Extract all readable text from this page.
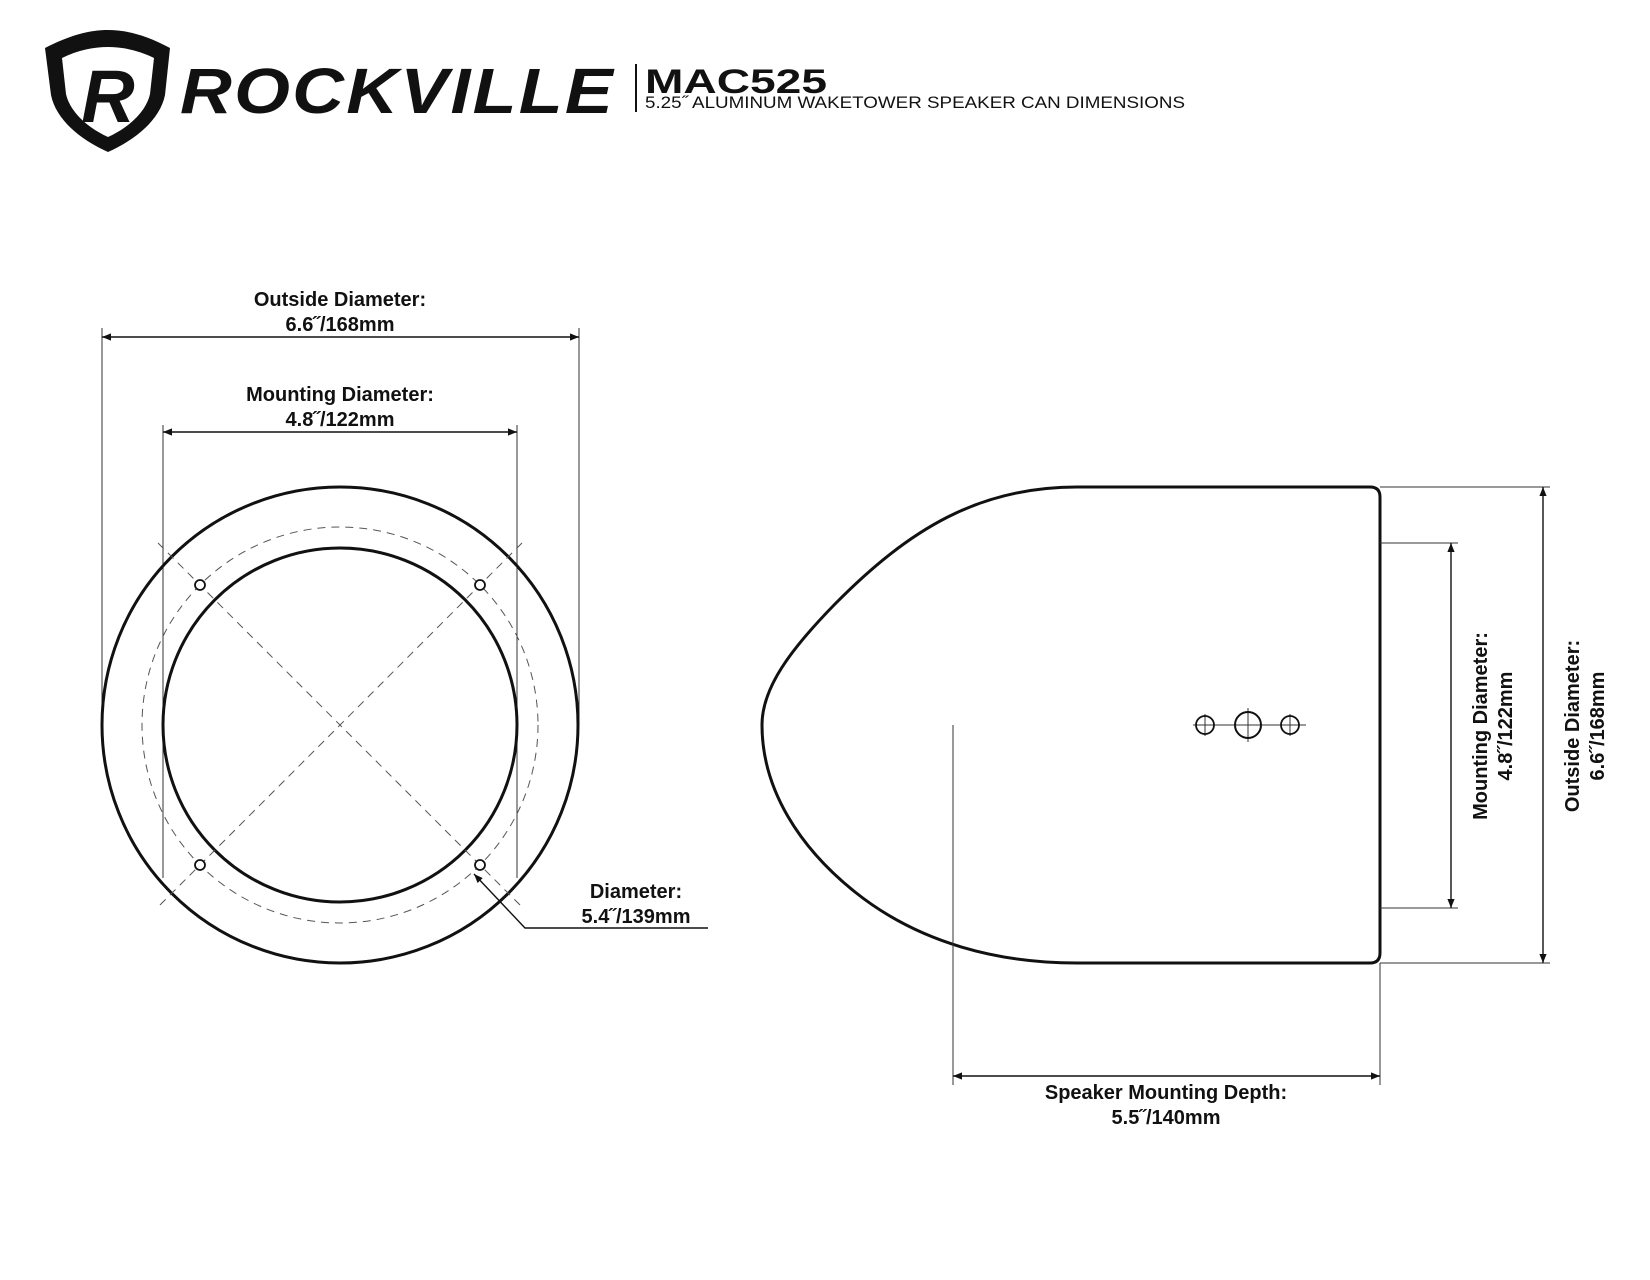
R ROCKVILLE MAC525
5.25˝ ALUMINUM WAKETOWER SPEAKER CAN DIMENSIONS
Outside Diameter:
6.6˝/168mm
Mounting Diameter:
4.8˝/122mm
Diameter:
5.4˝/139mm
Mounting Diameter: 4.8˝/122mm Outside Diameter: 6.6˝/168mm
Speaker Mounting Depth:
5.5˝/140mm
